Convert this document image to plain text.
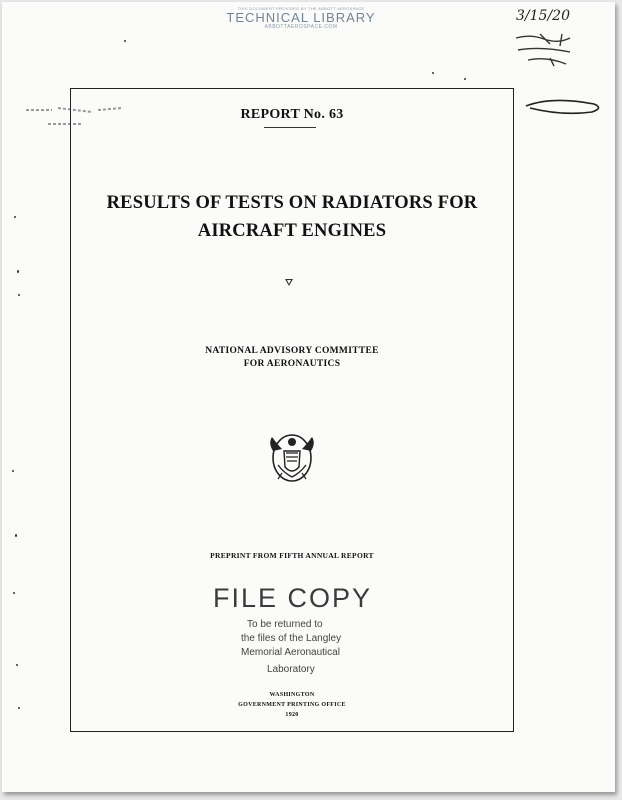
THIS DOCUMENT PROVIDED BY THE ABBOTT AEROSPACE
TECHNICAL LIBRARY
ABBOTTAEROSPACE.COM
3/15/20
REPORT No. 63
RESULTS OF TESTS ON RADIATORS FOR
AIRCRAFT ENGINES
NATIONAL ADVISORY COMMITTEE
FOR AERONAUTICS
PREPRINT FROM FIFTH ANNUAL REPORT
FILE COPY
To be returned to
the files of the Langley
Memorial Aeronautical
Laboratory
WASHINGTON
GOVERNMENT PRINTING OFFICE
1920
